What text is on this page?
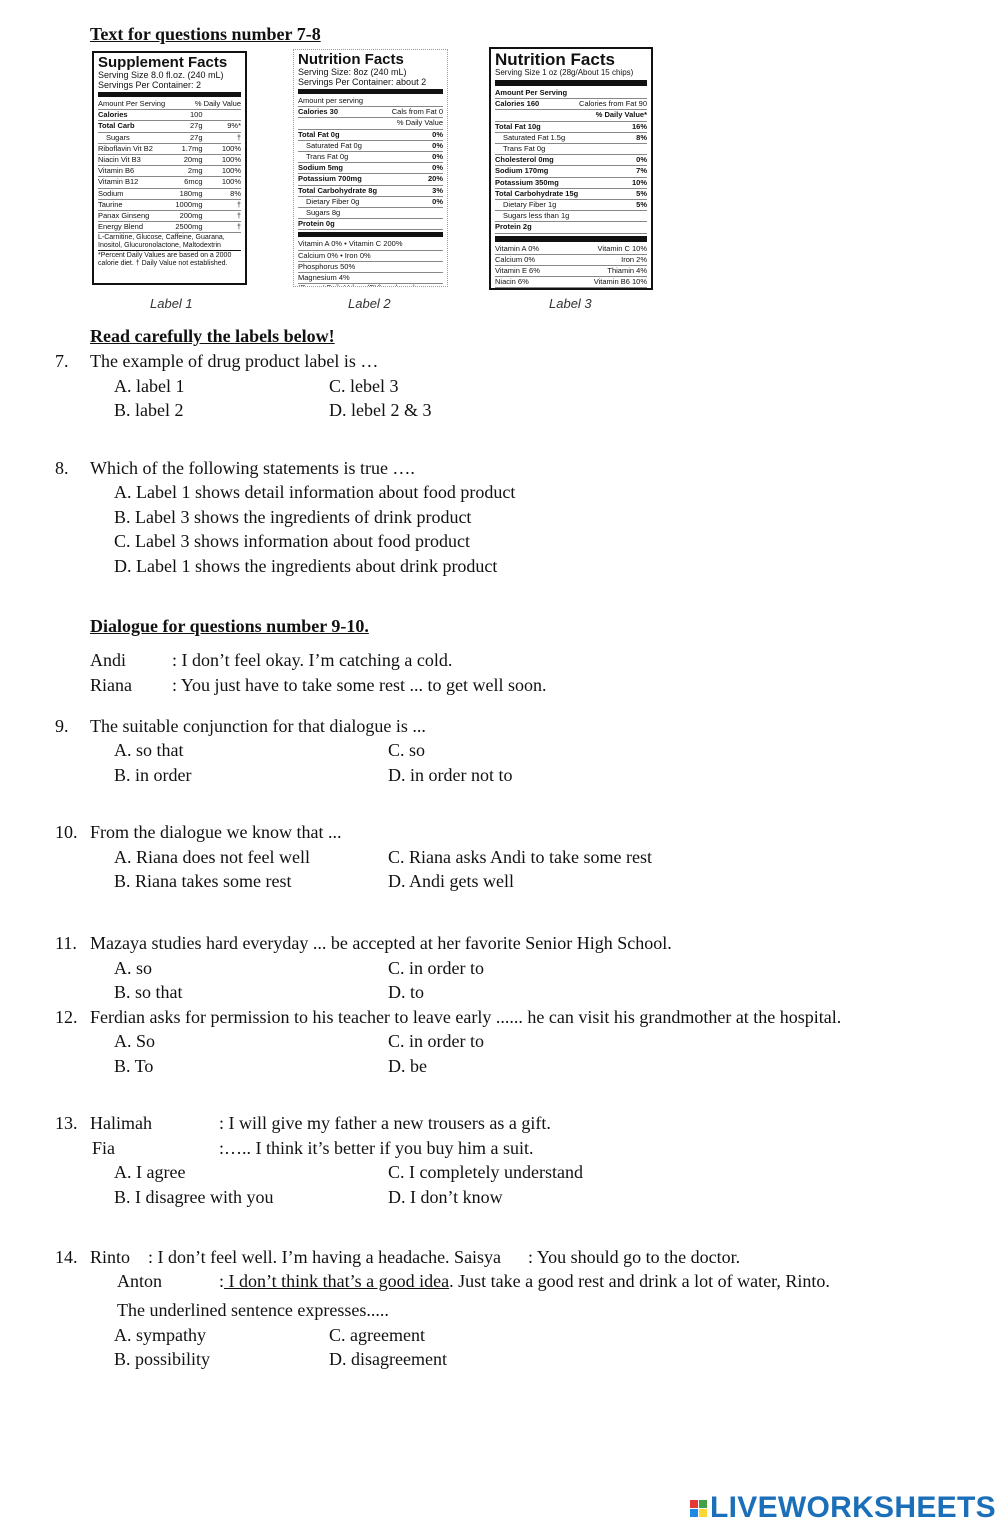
Text for questions number 7-8
Supplement Facts
Serving Size 8.0 fl.oz. (240 mL)
Servings Per Container: 2
Amount Per Serving	% Daily Value
Calories	100
Total Carb	27g	9%*
Sugars	27g	†
Riboflavin Vit B2	1.7mg	100%
Niacin Vit B3	20mg	100%
Vitamin B6	2mg	100%
Vitamin B12	6mcg	100%
Sodium	180mg	8%
Taurine	1000mg	†
Panax Ginseng	200mg	†
Energy Blend	2500mg	†
L-Carnitine, Glucose, Caffeine, Guarana, Inositol, Glucuronolactone, Maltodextrin
*Percent Daily Values are based on a 2000 calorie diet. † Daily Value not established.
Label 1
Nutrition Facts
Serving Size: 8oz (240 mL)
Servings Per Container: about 2
Amount per serving
Calories 30	Cals from Fat 0
% Daily Value
Total Fat 0g	0%
Saturated Fat 0g	0%
Trans Fat 0g	0%
Sodium 5mg	0%
Potassium 700mg	20%
Total Carbohydrate 8g	3%
Dietary Fiber 0g	0%
Sugars 8g
Protein 0g
Vitamin A 0% • Vitamin C 200%
Calcium 0% • Iron 0%
Phosphorus 50%
Magnesium 4%
Label 2
Nutrition Facts
Serving Size 1 oz (28g/About 15 chips)
Amount Per Serving
Calories 160	Calories from Fat 90
% Daily Value*
Total Fat 10g	16%
Saturated Fat 1.5g	8%
Trans Fat 0g
Cholesterol 0mg	0%
Sodium 170mg	7%
Potassium 350mg	10%
Total Carbohydrate 15g	5%
Dietary Fiber 1g	5%
Sugars less than 1g
Protein 2g
Vitamin A 0%	Vitamin C 10%
Calcium 0%	Iron 2%
Vitamin E 6%	Thiamin 4%
Niacin 6%	Vitamin B6 10%
Label 3
Read carefully the labels below!
7. The example of drug product label is …
A. label 1	C. lebel 3
B. label 2	D. lebel 2 & 3
8. Which of the following statements is true ….
A. Label 1 shows detail information about food product
B. Label 3 shows the ingredients of drink product
C. Label 3 shows information about food product
D. Label 1 shows the ingredients about drink product
Dialogue for questions number 9-10.
Andi	: I don’t feel okay. I’m catching a cold.
Riana : You just have to take some rest ... to get well soon.
9. The suitable conjunction for that dialogue is ...
A. so that	C. so
B. in order	D. in order not to
10. From the dialogue we know that ...
A. Riana does not feel well	C. Riana asks Andi to take some rest
B. Riana takes some rest	D. Andi gets well
11. Mazaya studies hard everyday ... be accepted at her favorite Senior High School.
A. so	C. in order to
B. so that	D. to
12. Ferdian asks for permission to his teacher to leave early ...... he can visit his grandmother at the hospital.
A. So	C. in order to
B. To	D. be
13. Halimah	: I will give my father a new trousers as a gift.
Fia	:….. I think it’s better if you buy him a suit.
A. I agree	C. I completely understand
B. I disagree with you	D. I don’t know
14. Rinto    : I don’t feel well. I’m having a headache. Saisya      : You should go to the doctor.
Anton	: I don’t think that’s a good idea. Just take a good rest and drink a lot of water, Rinto.
The underlined sentence expresses.....
A. sympathy	C. agreement
B. possibility	D. disagreement
LIVEWORKSHEETS
